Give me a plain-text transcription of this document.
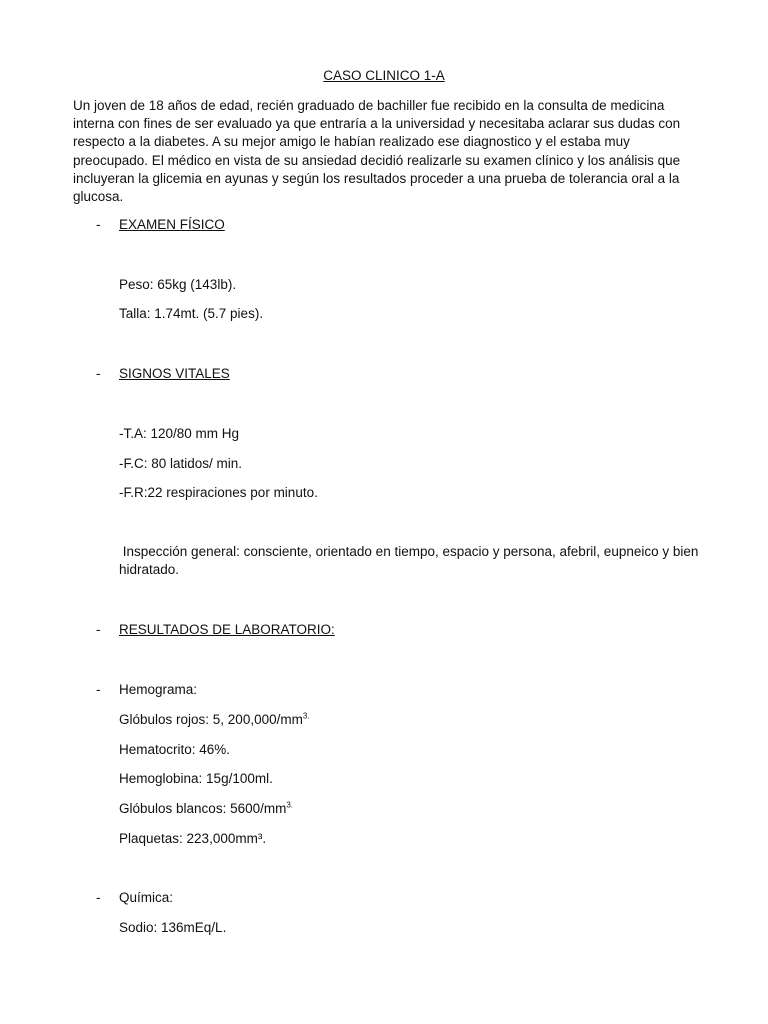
CASO CLINICO 1-A
Un joven de 18 años de edad, recién graduado de bachiller fue recibido en la consulta de medicina interna con fines de ser evaluado ya que entraría a la universidad y necesitaba aclarar sus dudas con respecto a la diabetes. A su mejor amigo le habían realizado ese diagnostico y el estaba muy preocupado. El médico en vista de su ansiedad decidió realizarle su examen clínico y los análisis que incluyeran la glicemia en ayunas y según los resultados proceder a una prueba de tolerancia oral a la glucosa.
- EXAMEN FÍSICO
Peso: 65kg (143lb).
Talla: 1.74mt. (5.7 pies).
- SIGNOS VITALES
-T.A: 120/80 mm Hg
-F.C: 80 latidos/ min.
-F.R:22 respiraciones por minuto.
Inspección general: consciente, orientado en tiempo, espacio y persona, afebril, eupneico y bien hidratado.
- RESULTADOS DE LABORATORIO:
- Hemograma:
Glóbulos rojos: 5, $200,000/mm^{3.}$
Hematocrito: 46%.
Hemoglobina: 15g/100ml.
Glóbulos blancos: $5600/mm^{3.}$
Plaquetas: 223,000mm³.
- Química:
Sodio: 136mEq/L.
